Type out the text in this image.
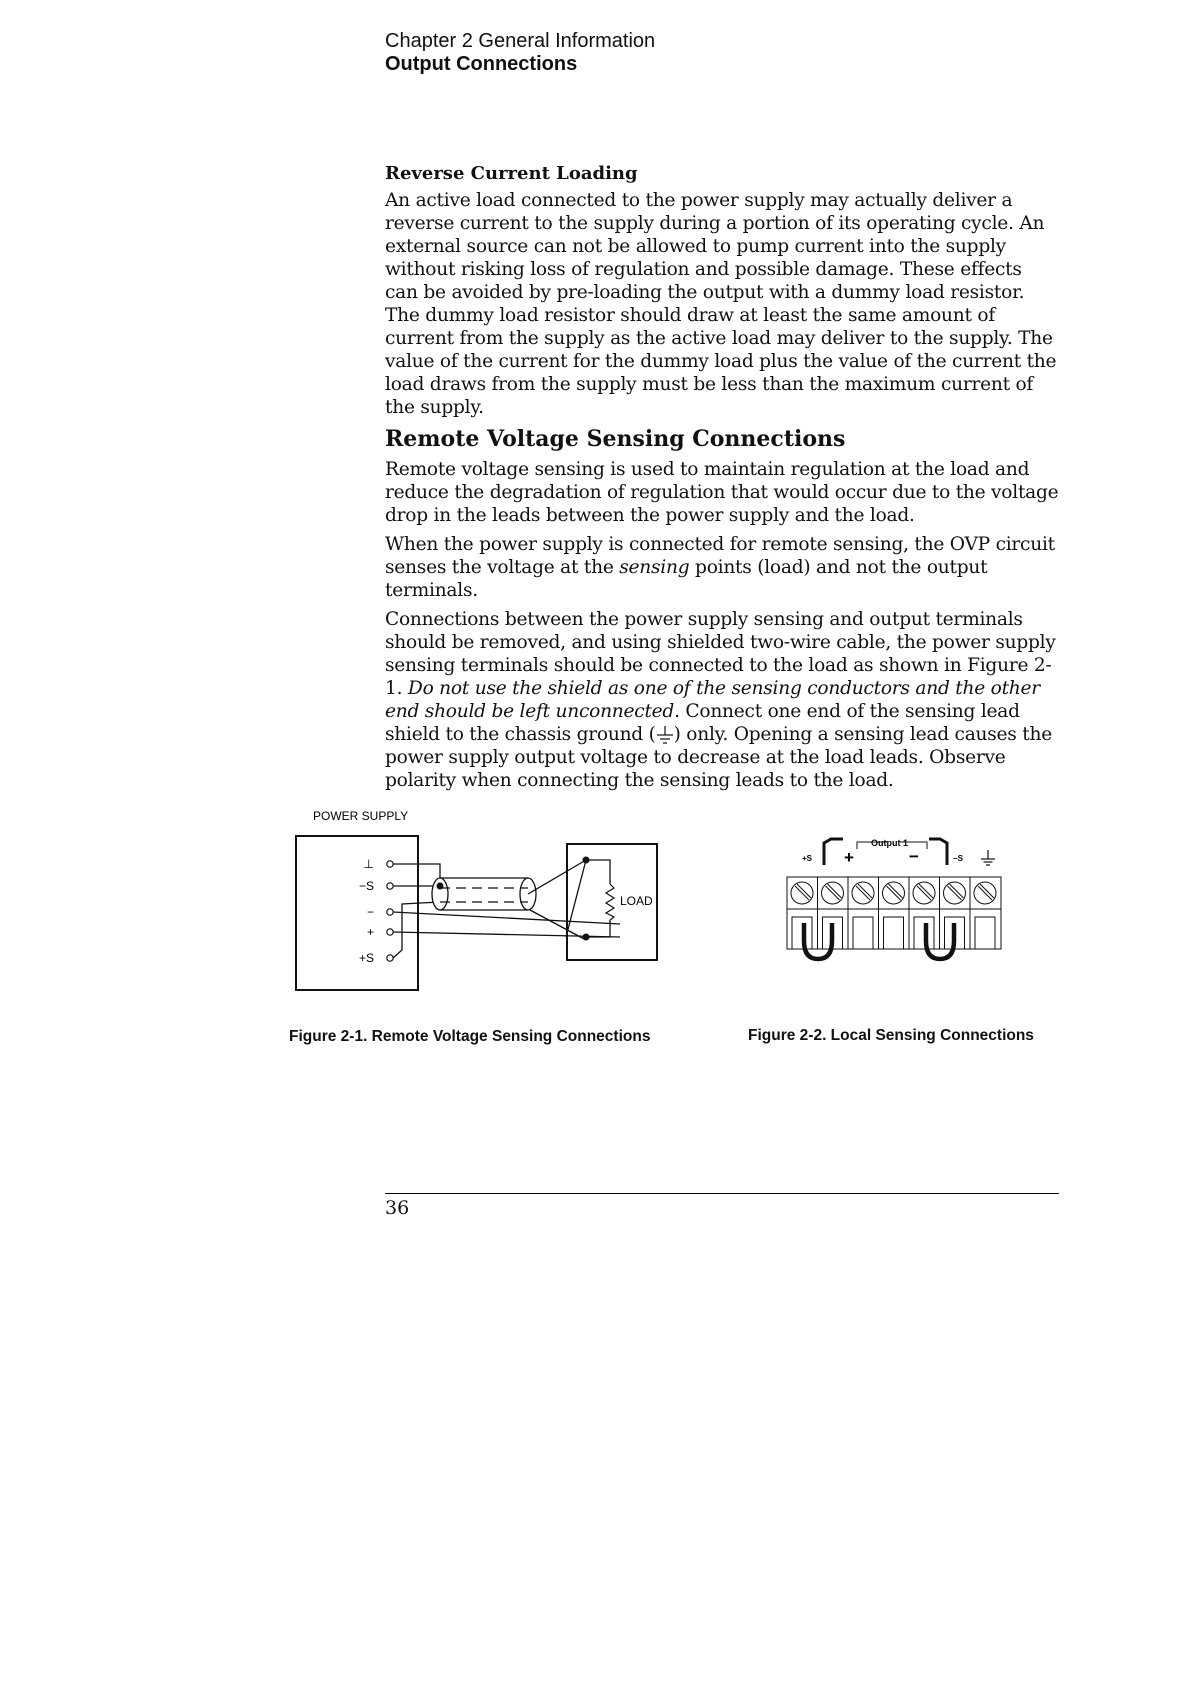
Chapter 2 General Information
Output Connections
Reverse Current Loading

An active load connected to the power supply may actually deliver a reverse current to the supply during a portion of its operating cycle. An external source can not be allowed to pump current into the supply without risking loss of regulation and possible damage. These effects can be avoided by pre-loading the output with a dummy load resistor. The dummy load resistor should draw at least the same amount of current from the supply as the active load may deliver to the supply. The value of the current for the dummy load plus the value of the current the load draws from the supply must be less than the maximum current of the supply.

Remote Voltage Sensing Connections

Remote voltage sensing is used to maintain regulation at the load and reduce the degradation of regulation that would occur due to the voltage drop in the leads between the power supply and the load.

When the power supply is connected for remote sensing, the OVP circuit senses the voltage at the sensing points (load) and not the output terminals.

Connections between the power supply sensing and output terminals should be removed, and using shielded two-wire cable, the power supply sensing terminals should be connected to the load as shown in Figure 2-1. Do not use the shield as one of the sensing conductors and the other end should be left unconnected. Connect one end of the sensing lead shield to the chassis ground ( ) only. Opening a sensing lead causes the power supply output voltage to decrease at the load leads. Observe polarity when connecting the sensing leads to the load.

POWER SUPPLY
⊥
−S
−
+
+S
LOAD
Output 1
+S +	−	−S
Figure 2-1. Remote Voltage Sensing Connections	Figure 2-2. Local Sensing Connections
36
